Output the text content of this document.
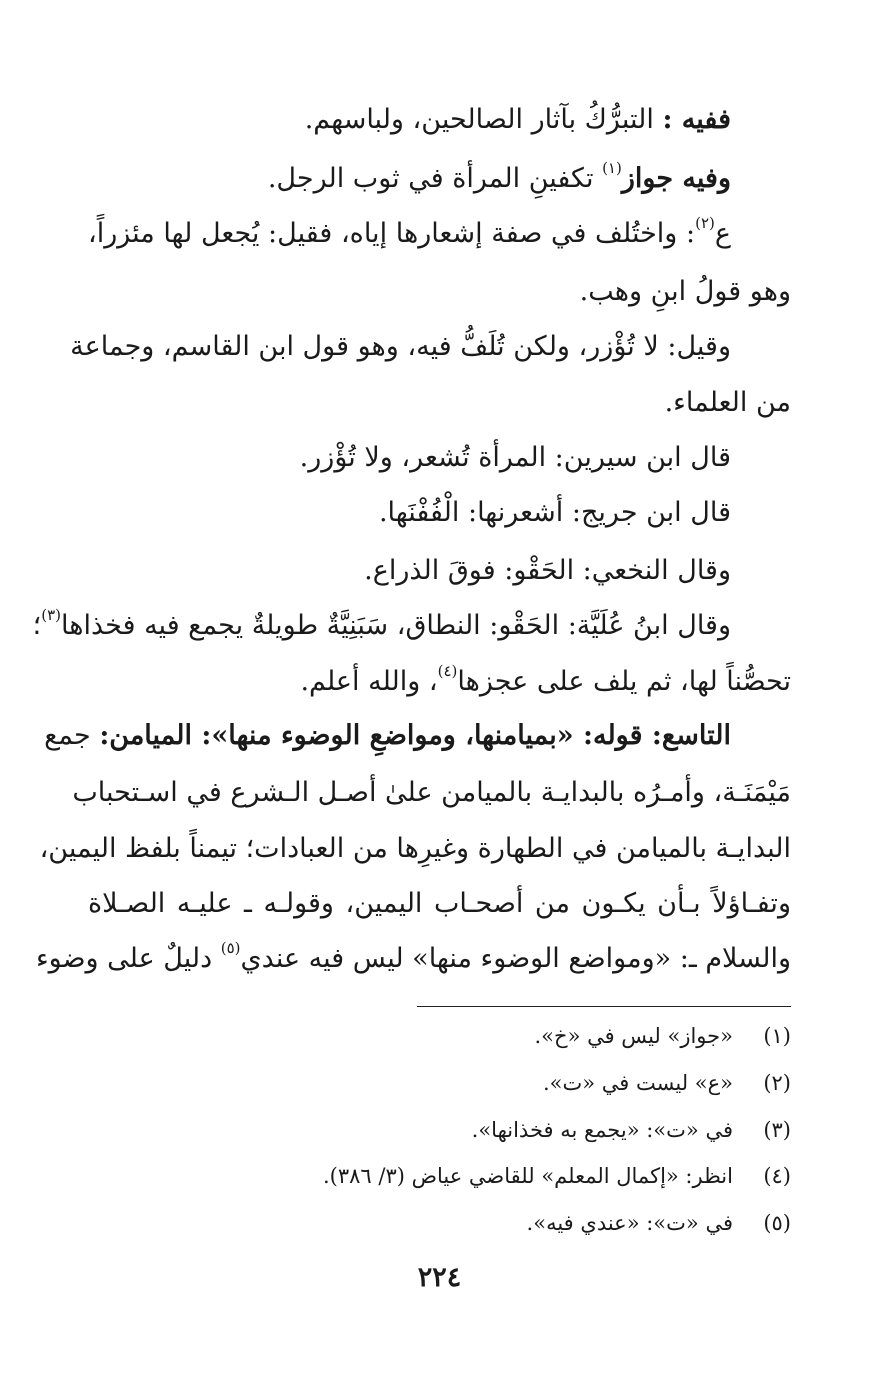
ففيه : التبرُّكُ بآثار الصالحين، ولباسهم.
وفيه جواز$^{(١)}$ تكفينِ المرأة في ثوب الرجل.
ع$^{(٢)}$: واختُلف في صفة إشعارها إياه، فقيل: يُجعل لها مئزراً،
وهو قولُ ابنِ وهب.
وقيل: لا تُؤْزر، ولكن تُلَفُّ فيه، وهو قول ابن القاسم، وجماعة
من العلماء.
قال ابن سيرين: المرأة تُشعر، ولا تُؤْزر.
قال ابن جريج: أشعرنها: الْفُفْنَها.
وقال النخعي: الحَقْو: فوقَ الذراع.
وقال ابنُ عُلَيَّة: الحَقْو: النطاق، سَبَنِيَّةٌ طويلةٌ يجمع فيه فخذاها$^{(٣)}$؛
تحصُّناً لها، ثم يلف على عجزها$^{(٤)}$، والله أعلم.
التاسع: قوله: «بميامنها، ومواضعِ الوضوء منها»: الميامن: جمع
مَيْمَنَـة، وأمـرُه بالبدايـة بالميامن علىٰ أصـل الـشرع في اسـتحباب
البدايـة بالميامن في الطهارة وغيرِها من العبادات؛ تيمناً بلفظ اليمين،
وتفـاؤلاً بـأن يكـون من أصحـاب اليمين، وقولـه ـ عليـه الصـلاة
والسلام ـ: «ومواضع الوضوء منها» ليس فيه عندي$^{(٥)}$ دليلٌ على وضوء
(١)«جواز» ليس في «خ».
(٢)«ع» ليست في «ت».
(٣)في «ت»: «يجمع به فخذانها».
(٤)انظر: «إكمال المعلم» للقاضي عياض (٣/ ٣٨٦).
(٥)في «ت»: «عندي فيه».
٢٢٤
